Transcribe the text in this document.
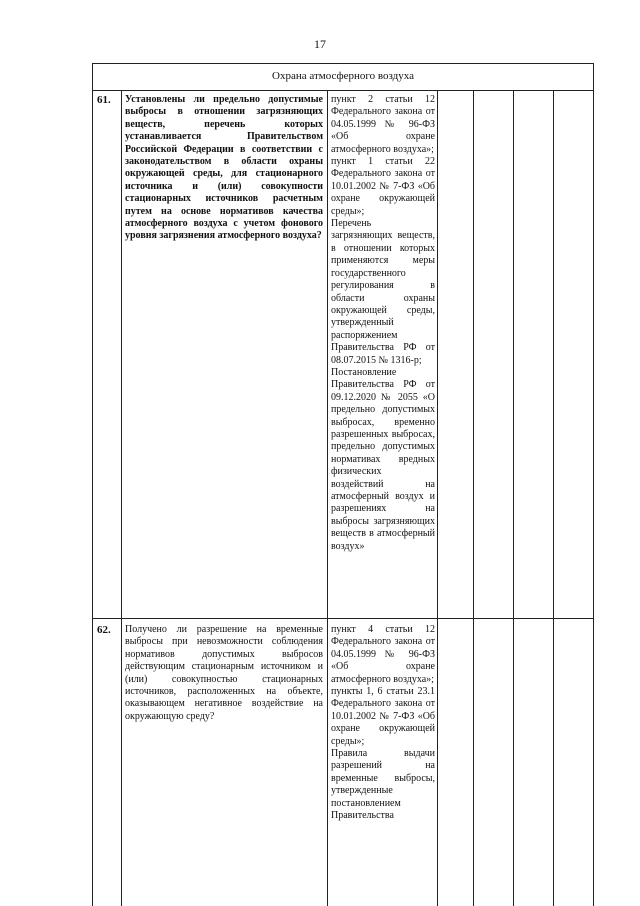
17
Охрана атмосферного воздуха
61. Установлены ли предельно допустимые выбросы в отношении загрязняющих веществ, перечень которых устанавливается Правительством Российской Федерации в соответствии с законодательством в области охраны окружающей среды, для стационарного источника и (или) совокупности стационарных источников расчетным путем на основе нормативов качества атмосферного воздуха с учетом фонового уровня загрязнения атмосферного воздуха?
пункт 2 статьи 12 Федерального закона от 04.05.1999 № 96-ФЗ «Об охране атмосферного воздуха»;
пункт 1 статьи 22 Федерального закона от 10.01.2002 № 7-ФЗ «Об охране окружающей среды»;
Перечень загрязняющих веществ, в отношении которых применяются меры государственного регулирования в области охраны окружающей среды, утвержденный распоряжением Правительства РФ от 08.07.2015 № 1316-р;
Постановление Правительства РФ от 09.12.2020 № 2055 «О предельно допустимых выбросах, временно разрешенных выбросах, предельно допустимых нормативах вредных физических воздействий на атмосферный воздух и разрешениях на выбросы загрязняющих веществ в атмосферный воздух»
62. Получено ли разрешение на временные выбросы при невозможности соблюдения нормативов допустимых выбросов действующим стационарным источником и (или) совокупностью стационарных источников, расположенных на объекте, оказывающем негативное воздействие на окружающую среду?
пункт 4 статьи 12 Федерального закона от 04.05.1999 № 96-ФЗ «Об охране атмосферного воздуха»;
пункты 1, 6 статьи 23.1 Федерального закона от 10.01.2002 № 7-ФЗ «Об охране окружающей среды»;
Правила выдачи разрешений на временные выбросы, утвержденные постановлением Правительства
